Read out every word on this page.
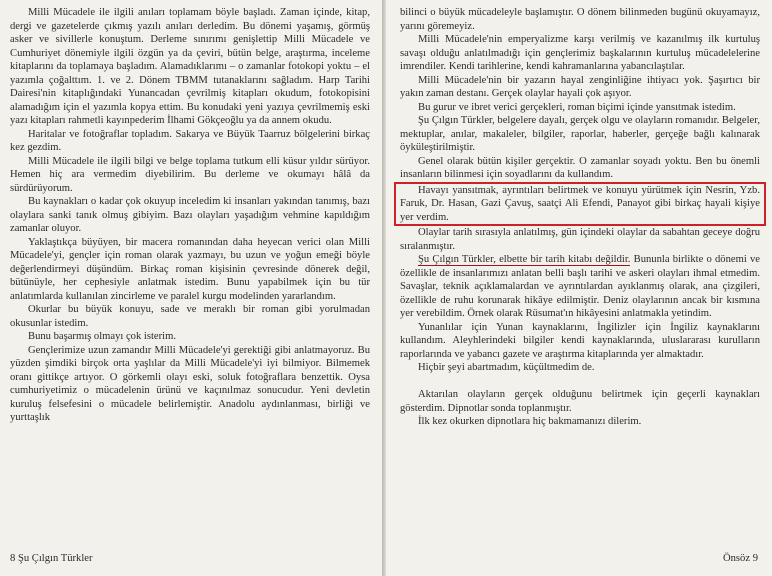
Milli Mücadele ile ilgili anıları toplamam böyle başladı. Zaman içinde, kitap, dergi ve gazetelerde çıkmış yazılı anıları derledim. Bu dönemi yaşamış, görmüş asker ve sivillerle konuştum. Derleme sınırımı genişlettip Milli Mücadele ve Cumhuriyet dönemiyle ilgili özgün ya da çeviri, bütün belge, araştırma, inceleme kitaplarını da toplamaya başladım. Alamadıklarımı – o zamanlar fotokopi yoktu – el yazımla çoğalttım. 1. ve 2. Dönem TBMM tutanaklarını sağladım. Harp Tarihi Dairesi'nin kitaplığındaki Yunancadan çevrilmiş kitapları okudum, fotokopisini alamadığım için el yazımla kopya ettim. Bu konudaki yeni yazıya çevrilmemiş eski yazı kitapları rahmetli kayınpederim İlhami Gökçeoğlu ya da annem okudu.

Haritalar ve fotoğraflar topladım. Sakarya ve Büyük Taarruz bölgelerini birkaç kez gezdim.

Milli Mücadele ile ilgili bilgi ve belge toplama tutkum elli küsur yıldır sürüyor. Hemen hiç ara vermedim diyebilirim. Bu derleme ve okumayı hâlâ da sürdürüyorum.

Bu kaynakları o kadar çok okuyup inceledim ki insanları yakından tanımış, bazı olaylara sanki tanık olmuş gibiyim. Bazı olayları yaşadığım vehmine kapıldığım zamanlar oluyor.

Yaklaştıkça büyüyen, bir macera romanından daha heyecan verici olan Milli Mücadele'yi, gençler için roman olarak yazmayı, bu uzun ve yoğun emeği böyle değerlendirmeyi düşündüm. Birkaç roman kişisinin çevresinde dönerek değil, bütünüyle, her cephesiyle anlatmak istedim. Bunu yapabilmek için bu tür anlatımlarda kullanılan zincirleme ve paralel kurgu modelinden yararlandım.

Okurlar bu büyük konuyu, sade ve meraklı bir roman gibi yorulmadan okusunlar istedim.

Bunu başarmış olmayı çok isterim.

Gençlerimize uzun zamandır Milli Mücadele'yi gerektiği gibi anlatmayoruz. Bu yüzden şimdiki birçok orta yaşlılar da Milli Mücadele'yi iyi bilmiyor. Bilmemek oranı gittikçe artıyor. O görkemli olayı eski, soluk fotoğraflara benzettik. Oysa cumhuriyetimiz o mücadelenin ürünü ve kaçınılmaz sonucudur. Yeni devletin kuruluş felsefesini o mücadele belirlemiştir. Anadolu aydınlanması, birliği ve yurttaşlık

8 Şu Çılgın Türkler

bilinci o büyük mücadeleyle başlamıştır. O dönem bilinmeden bugünü okuyamayız, yarını göremeyiz.

Milli Mücadele'nin emperyalizme karşı verilmiş ve kazanılmış ilk kurtuluş savaşı olduğu anlatılmadığı için gençlerimiz başkalarının kurtuluş mücadelelerine imrendiler. Kendi tarihlerine, kendi kahramanlarına yabancılaştılar.

Milli Mücadele'nin bir yazarın hayal zenginliğine ihtiyacı yok. Şaşırtıcı bir yakın zaman destanı. Gerçek olaylar hayali çok aşıyor.

Bu gurur ve ibret verici gerçekleri, roman biçimi içinde yansıtmak istedim.

Şu Çılgın Türkler, belgelere dayalı, gerçek olgu ve olayların romanıdır. Belgeler, mektuplar, anılar, makaleler, bilgiler, raporlar, haberler, gerçeğe bağlı kalınarak öyküleştirilmiştir.

Genel olarak bütün kişiler gerçektir. O zamanlar soyadı yoktu. Ben bu önemli insanların bilinmesi için soyadlarını da kullandım.

Havayı yansıtmak, ayrıntıları belirtmek ve konuyu yürütmek için Nesrin, Yzb. Faruk, Dr. Hasan, Gazi Çavuş, saatçi Ali Efendi, Panayot gibi birkaç hayali kişiye yer verdim.

Olaylar tarih sırasıyla anlatılmış, gün içindeki olaylar da sabahtan geceye doğru sıralanmıştır.

Şu Çılgın Türkler, elbette bir tarih kitabı değildir. Bununla birlikte o dönemi ve özellikle de insanlarımızı anlatan belli başlı tarihi ve askeri olayları ihmal etmedim. Savaşlar, teknik açıklamalardan ve ayrıntılardan ayıklanmış olarak, ana çizgileri, özellikle de ruhu korunarak hikâye edilmiştir. Deniz olaylarının ancak bir kısmına yer verebildim. Örnek olarak Rüsumat'ın hikâyesini anlatmakla yetindim.

Yunanlılar için Yunan kaynaklarını, İngilizler için İngiliz kaynaklarını kullandım. Aleyhlerindeki bilgiler kendi kaynaklarında, uluslararası kurulların raporlarında ve yabancı gazete ve araştırma kitaplarında yer almaktadır.

Hiçbir şeyi abartmadım, küçültmedim de.

Aktarılan olayların gerçek olduğunu belirtmek için geçerli kaynakları gösterdim. Dipnotlar sonda toplanmıştır.

İlk kez okurken dipnotlara hiç bakmamanızı dilerim.

Önsöz 9
